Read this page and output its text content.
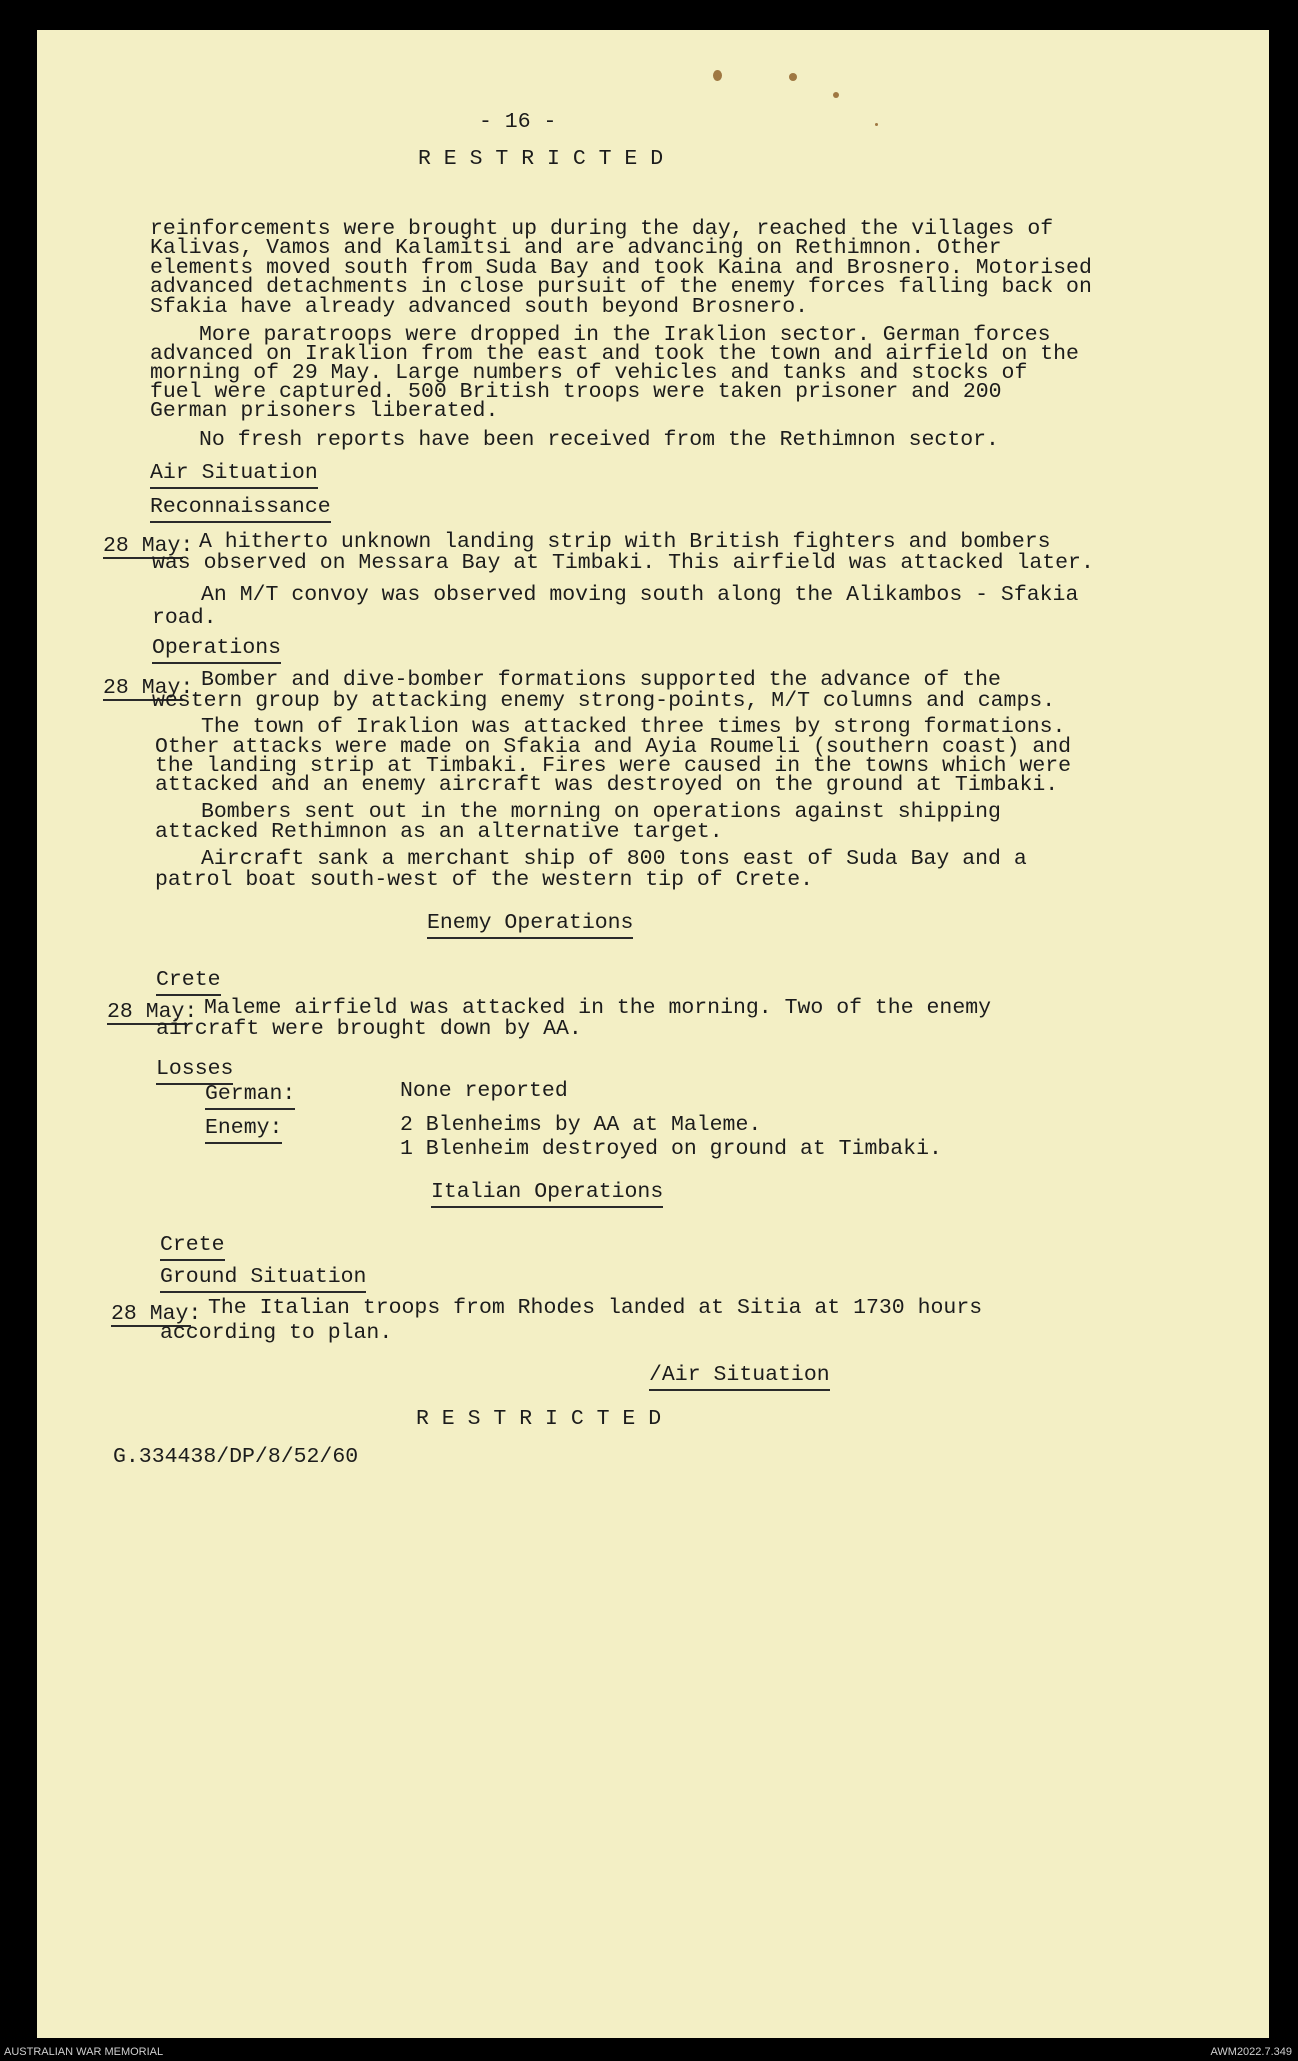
- 16 -
R E S T R I C T E D
reinforcements were brought up during the day, reached the villages of
Kalivas, Vamos and Kalamitsi and are advancing on Rethimnon. Other
elements moved south from Suda Bay and took Kaina and Brosnero. Motorised
advanced detachments in close pursuit of the enemy forces falling back on
Sfakia have already advanced south beyond Brosnero.
More paratroops were dropped in the Iraklion sector. German forces
advanced on Iraklion from the east and took the town and airfield on the
morning of 29 May. Large numbers of vehicles and tanks and stocks of
fuel were captured. 500 British troops were taken prisoner and 200
German prisoners liberated.
No fresh reports have been received from the Rethimnon sector.
Air Situation
Reconnaissance
28 May: A hitherto unknown landing strip with British fighters and bombers
was observed on Messara Bay at Timbaki. This airfield was attacked later.
An M/T convoy was observed moving south along the Alikambos - Sfakia
road.
Operations
28 May: Bomber and dive-bomber formations supported the advance of the
western group by attacking enemy strong-points, M/T columns and camps.
The town of Iraklion was attacked three times by strong formations.
Other attacks were made on Sfakia and Ayia Roumeli (southern coast) and
the landing strip at Timbaki. Fires were caused in the towns which were
attacked and an enemy aircraft was destroyed on the ground at Timbaki.
Bombers sent out in the morning on operations against shipping
attacked Rethimnon as an alternative target.
Aircraft sank a merchant ship of 800 tons east of Suda Bay and a
patrol boat south-west of the western tip of Crete.
Enemy Operations
Crete
28 May: Maleme airfield was attacked in the morning. Two of the enemy
aircraft were brought down by AA.
Losses
German:	None reported
Enemy:	2 Blenheims by AA at Maleme.
1 Blenheim destroyed on ground at Timbaki.
Italian Operations
Crete
Ground Situation
28 May: The Italian troops from Rhodes landed at Sitia at 1730 hours
according to plan.
/Air Situation
R E S T R I C T E D
G.334438/DP/8/52/60
AUSTRALIAN WAR MEMORIAL	AWM2022.7.349
